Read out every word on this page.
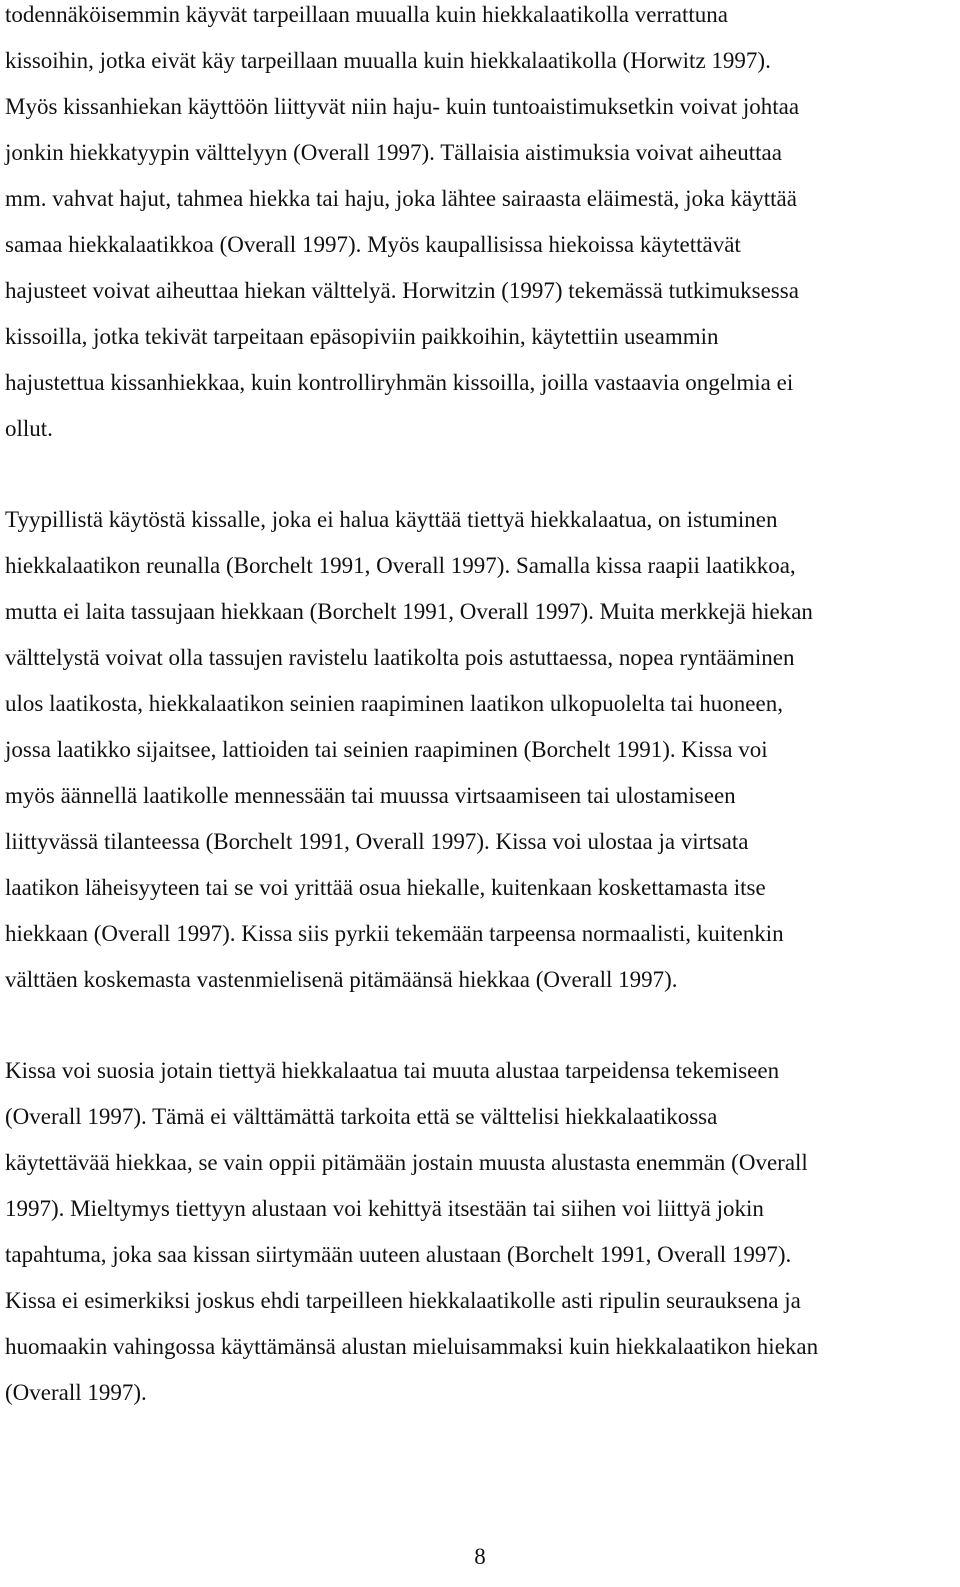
todennäköisemmin käyvät tarpeillaan muualla kuin hiekkalaatikolla verrattuna
kissoihin, jotka eivät käy tarpeillaan muualla kuin hiekkalaatikolla (Horwitz 1997).
Myös kissanhiekan käyttöön liittyvät niin haju- kuin tuntoaistimuksetkin voivat johtaa
jonkin hiekkatyypin välttelyyn (Overall 1997). Tällaisia aistimuksia voivat aiheuttaa
mm. vahvat hajut, tahmea hiekka tai haju, joka lähtee sairaasta eläimestä, joka käyttää
samaa hiekkalaatikkoa (Overall 1997). Myös kaupallisissa hiekoissa käytettävät
hajusteet voivat aiheuttaa hiekan välttelyä. Horwitzin (1997) tekemässä tutkimuksessa
kissoilla, jotka tekivät tarpeitaan epäsopiviin paikkoihin, käytettiin useammin
hajustettua kissanhiekkaa, kuin kontrolliryhmän kissoilla, joilla vastaavia ongelmia ei
ollut.

Tyypillistä käytöstä kissalle, joka ei halua käyttää tiettyä hiekkalaatua, on istuminen
hiekkalaatikon reunalla (Borchelt 1991, Overall 1997). Samalla kissa raapii laatikkoa,
mutta ei laita tassujaan hiekkaan (Borchelt 1991, Overall 1997). Muita merkkejä hiekan
välttelystä voivat olla tassujen ravistelu laatikolta pois astuttaessa, nopea ryntääminen
ulos laatikosta, hiekkalaatikon seinien raapiminen laatikon ulkopuolelta tai huoneen,
jossa laatikko sijaitsee, lattioiden tai seinien raapiminen (Borchelt 1991). Kissa voi
myös äännellä laatikolle mennessään tai muussa virtsaamiseen tai ulostamiseen
liittyvässä tilanteessa (Borchelt 1991, Overall 1997). Kissa voi ulostaa ja virtsata
laatikon läheisyyteen tai se voi yrittää osua hiekalle, kuitenkaan koskettamasta itse
hiekkaan (Overall 1997). Kissa siis pyrkii tekemään tarpeensa normaalisti, kuitenkin
välttäen koskemasta vastenmielisenä pitämäänsä hiekkaa (Overall 1997).

Kissa voi suosia jotain tiettyä hiekkalaatua tai muuta alustaa tarpeidensa tekemiseen
(Overall 1997). Tämä ei välttämättä tarkoita että se välttelisi hiekkalaatikossa
käytettävää hiekkaa, se vain oppii pitämään jostain muusta alustasta enemmän (Overall
1997). Mieltymys tiettyyn alustaan voi kehittyä itsestään tai siihen voi liittyä jokin
tapahtuma, joka saa kissan siirtymään uuteen alustaan (Borchelt 1991, Overall 1997).
Kissa ei esimerkiksi joskus ehdi tarpeilleen hiekkalaatikolle asti ripulin seurauksena ja
huomaakin vahingossa käyttämänsä alustan mieluisammaksi kuin hiekkalaatikon hiekan
(Overall 1997).

8
